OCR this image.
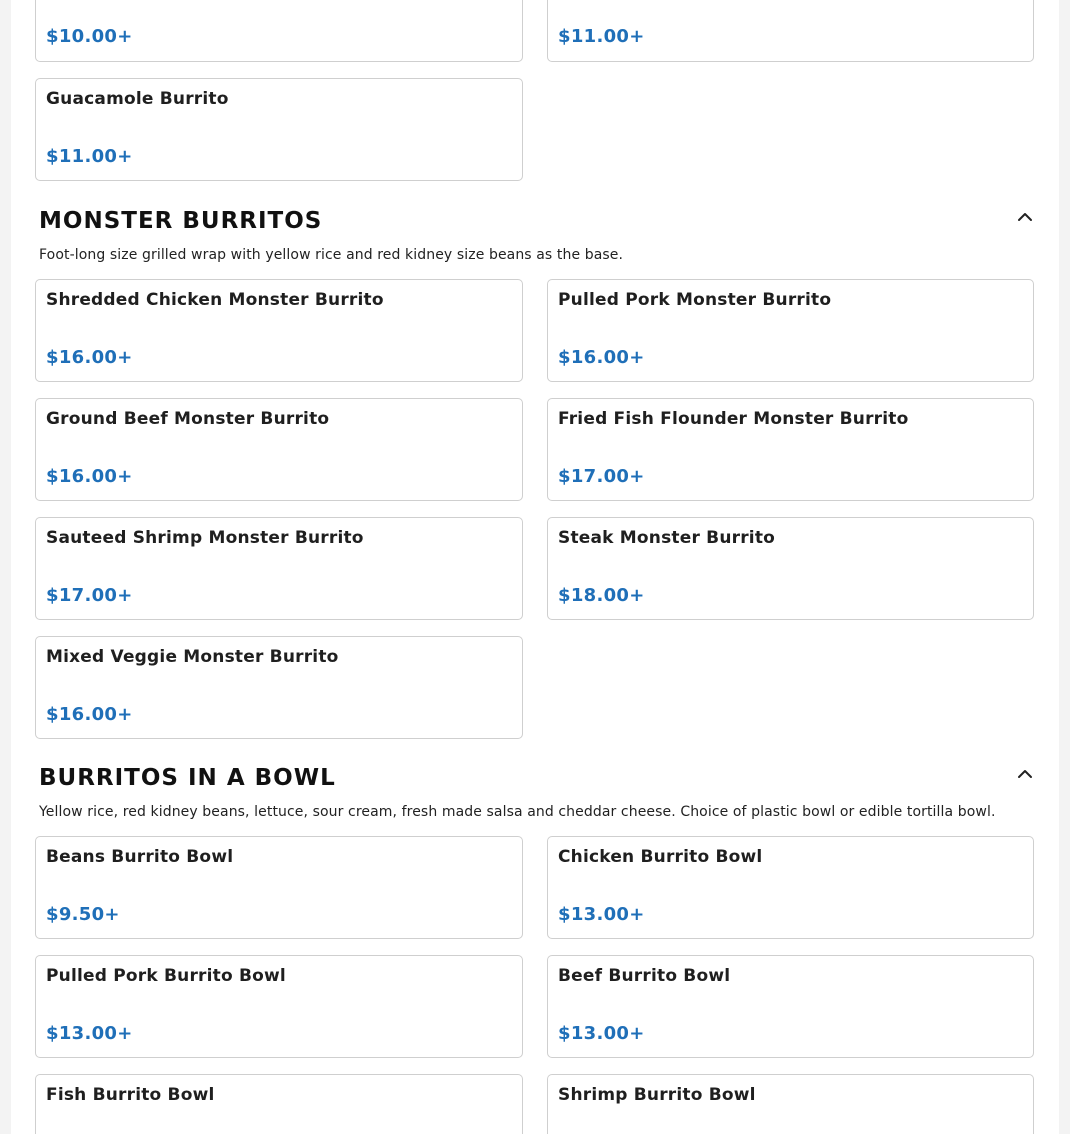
$10.00+	$11.00+
Guacamole Burrito
$11.00+
MONSTER BURRITOS
Foot-long size grilled wrap with yellow rice and red kidney size beans as the base.
Shredded Chicken Monster Burrito
$16.00+
Pulled Pork Monster Burrito
$16.00+
Ground Beef Monster Burrito
$16.00+
Fried Fish Flounder Monster Burrito
$17.00+
Sauteed Shrimp Monster Burrito
$17.00+
Steak Monster Burrito
$18.00+
Mixed Veggie Monster Burrito
$16.00+
BURRITOS IN A BOWL
Yellow rice, red kidney beans, lettuce, sour cream, fresh made salsa and cheddar cheese. Choice of plastic bowl or edible tortilla bowl.
Beans Burrito Bowl
$9.50+
Chicken Burrito Bowl
$13.00+
Pulled Pork Burrito Bowl
$13.00+
Beef Burrito Bowl
$13.00+
Fish Burrito Bowl	Shrimp Burrito Bowl
